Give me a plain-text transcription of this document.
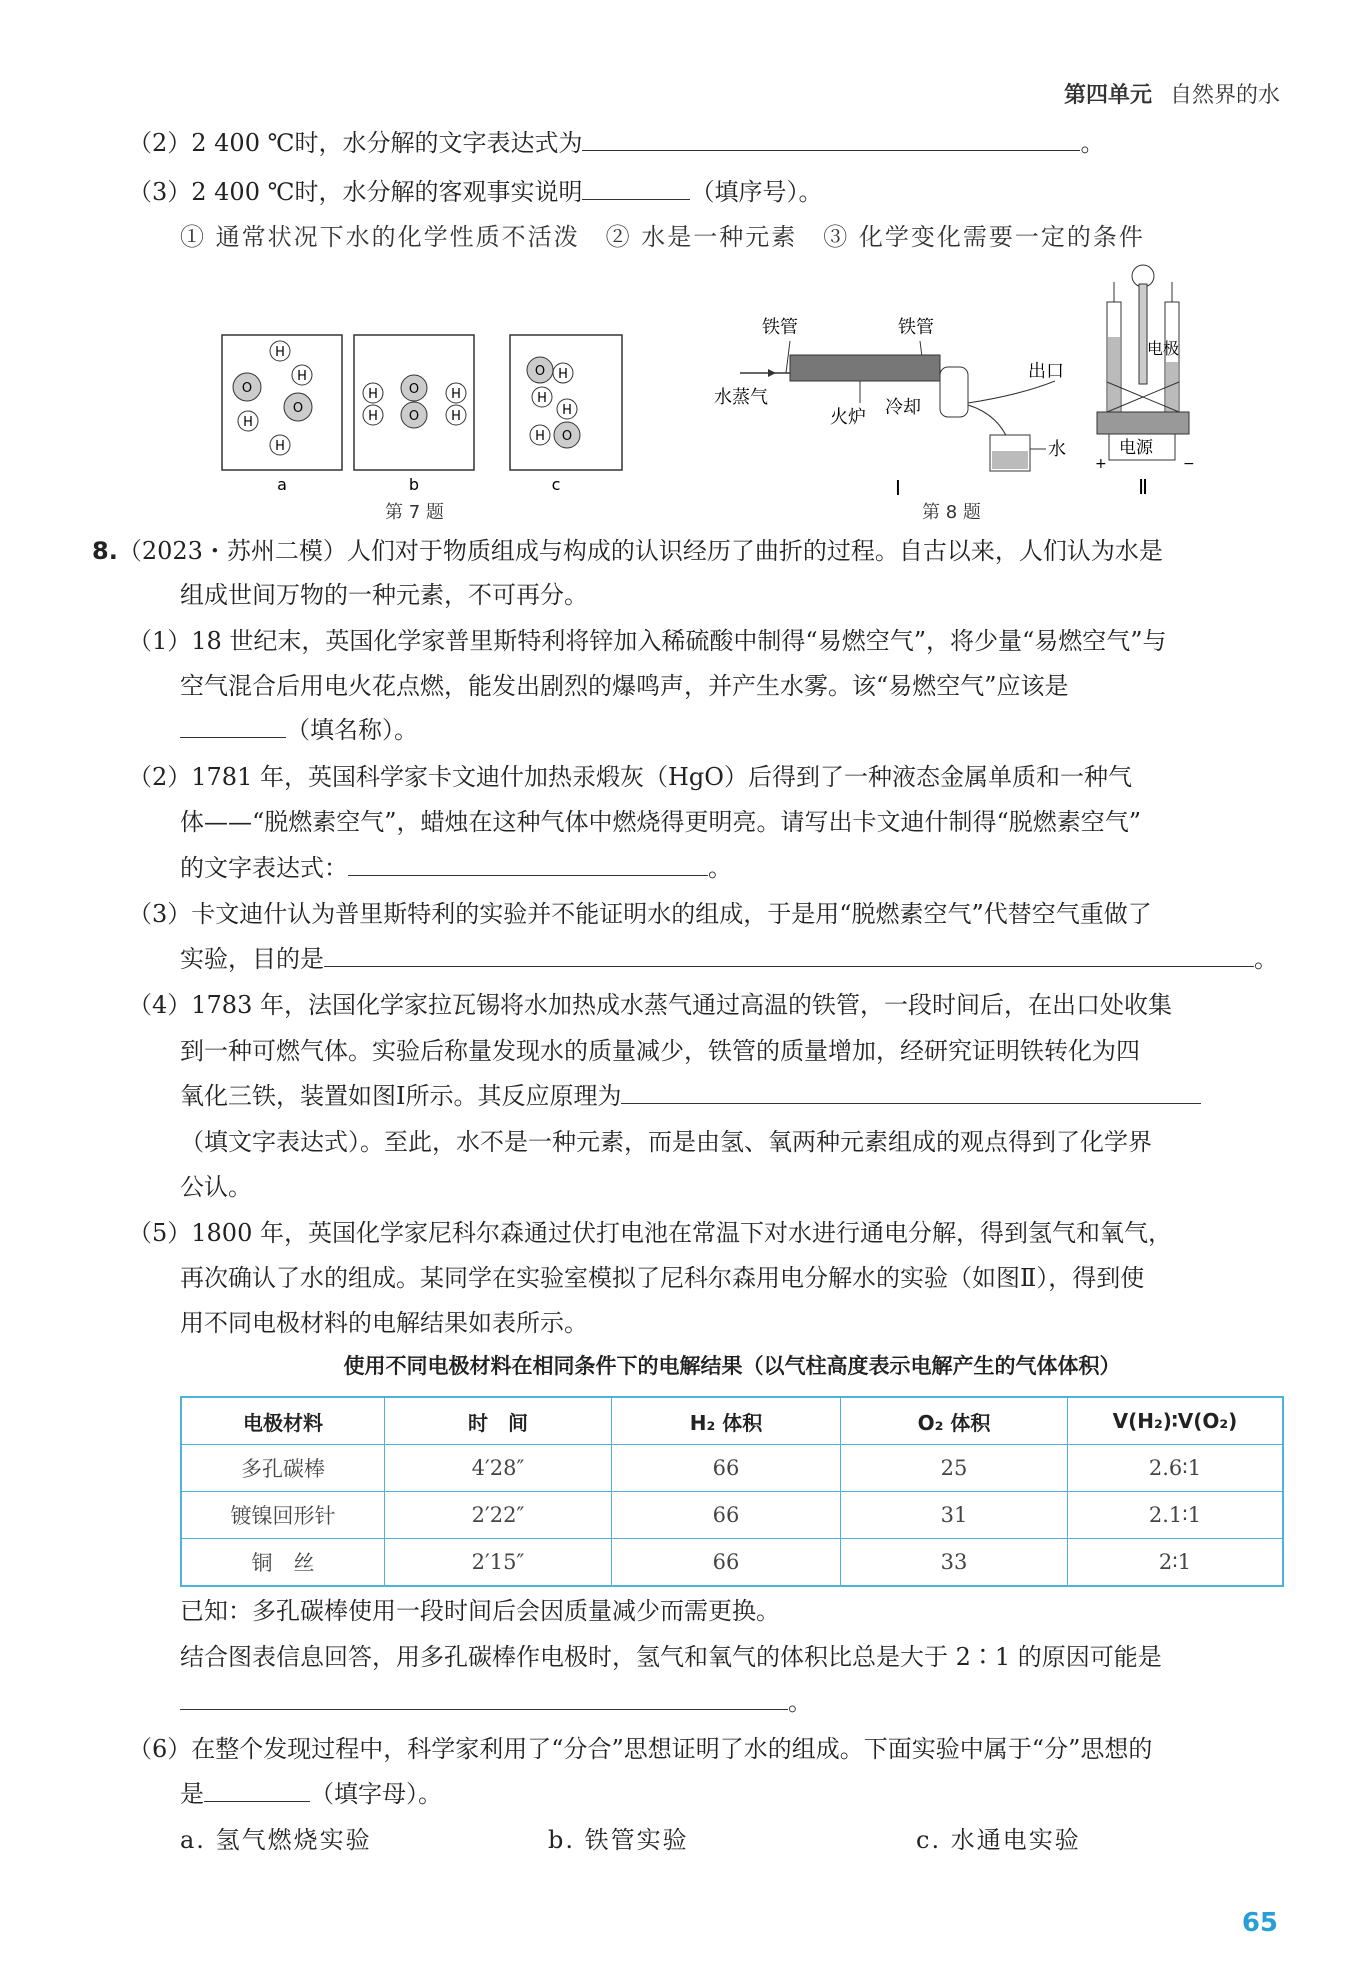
第四单元 自然界的水
（2）2 400 ℃时，水分解的文字表达式为	。
（3）2 400 ℃时，水分解的客观事实说明	（填序号）。
① 通常状况下水的化学性质不活泼　② 水是一种元素　③ 化学变化需要一定的条件
H
H
O
O
H
H
H
H
O
O
H
H
O H
H
H
H O
a	b	c
第 7 题
铁管	铁管
水蒸气
火炉 冷却
出口
水
Ⅰ
电极
电源
+	−
Ⅱ
第 8 题
8.（2023・苏州二模）人们对于物质组成与构成的认识经历了曲折的过程。自古以来，人们认为水是
组成世间万物的一种元素，不可再分。
（1）18 世纪末，英国化学家普里斯特利将锌加入稀硫酸中制得“易燃空气”，将少量“易燃空气”与
空气混合后用电火花点燃，能发出剧烈的爆鸣声，并产生水雾。该“易燃空气”应该是
（填名称）。
（2）1781 年，英国科学家卡文迪什加热汞煅灰（HgO）后得到了一种液态金属单质和一种气
体——“脱燃素空气”，蜡烛在这种气体中燃烧得更明亮。请写出卡文迪什制得“脱燃素空气”
的文字表达式：	。
（3）卡文迪什认为普里斯特利的实验并不能证明水的组成，于是用“脱燃素空气”代替空气重做了
实验，目的是	。
（4）1783 年，法国化学家拉瓦锡将水加热成水蒸气通过高温的铁管，一段时间后，在出口处收集
到一种可燃气体。实验后称量发现水的质量减少，铁管的质量增加，经研究证明铁转化为四
氧化三铁，装置如图Ⅰ所示。其反应原理为
（填文字表达式）。至此，水不是一种元素，而是由氢、氧两种元素组成的观点得到了化学界
公认。
（5）1800 年，英国化学家尼科尔森通过伏打电池在常温下对水进行通电分解，得到氢气和氧气，
再次确认了水的组成。某同学在实验室模拟了尼科尔森用电分解水的实验（如图Ⅱ），得到使
用不同电极材料的电解结果如表所示。
使用不同电极材料在相同条件下的电解结果（以气柱高度表示电解产生的气体体积）
电极材料	时　间	H₂ 体积	O₂ 体积	V(H₂)∶V(O₂)
多孔碳棒	4′28″	66	25	2.6∶1
镀镍回形针	2′22″	66	31	2.1∶1
铜　丝	2′15″	66	33	2∶1
已知：多孔碳棒使用一段时间后会因质量减少而需更换。
结合图表信息回答，用多孔碳棒作电极时，氢气和氧气的体积比总是大于 2∶1 的原因可能是
。
（6）在整个发现过程中，科学家利用了“分合”思想证明了水的组成。下面实验中属于“分”思想的
是	（填字母）。
a. 氢气燃烧实验	b. 铁管实验	c. 水通电实验
65
